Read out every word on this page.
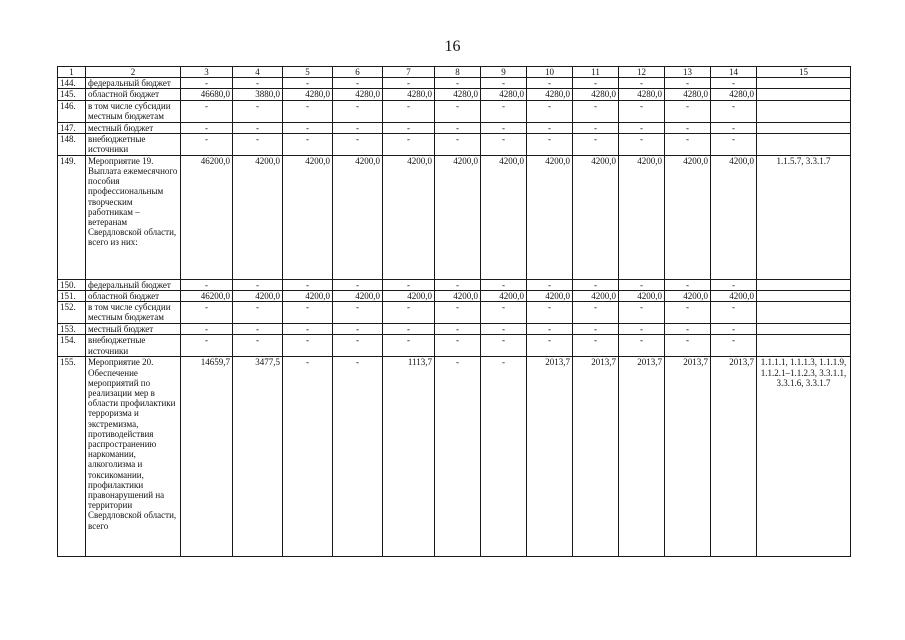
16
1	2	3	4	5	6	7	8	9	10	11	12	13	14	15
144.	федеральный бюджет	-	-	-	-	-	-	-	-	-	-	-	-	
145.	областной бюджет	46680,0	3880,0	4280,0	4280,0	4280,0	4280,0	4280,0	4280,0	4280,0	4280,0	4280,0	4280,0	
146.	в том числе субсидии местным бюджетам	-	-	-	-	-	-	-	-	-	-	-	-	
147.	местный бюджет	-	-	-	-	-	-	-	-	-	-	-	-	
148.	внебюджетные источники	-	-	-	-	-	-	-	-	-	-	-	-	
149.	Мероприятие 19. Выплата ежемесячного пособия профессиональным творческим работникам – ветеранам Свердловской области, всего из них:	46200,0	4200,0	4200,0	4200,0	4200,0	4200,0	4200,0	4200,0	4200,0	4200,0	4200,0	4200,0	1.1.5.7, 3.3.1.7
150.	федеральный бюджет	-	-	-	-	-	-	-	-	-	-	-	-	
151.	областной бюджет	46200,0	4200,0	4200,0	4200,0	4200,0	4200,0	4200,0	4200,0	4200,0	4200,0	4200,0	4200,0	
152.	в том числе субсидии местным бюджетам	-	-	-	-	-	-	-	-	-	-	-	-	
153.	местный бюджет	-	-	-	-	-	-	-	-	-	-	-	-	
154.	внебюджетные источники	-	-	-	-	-	-	-	-	-	-	-	-	
155.	Мероприятие 20. Обеспечение мероприятий по реализации мер в области профилактики терроризма и экстремизма, противодействия распространению наркомании, алкоголизма и токсикомании, профилактики правонарушений на территории Свердловской области, всего	14659,7	3477,5	-	-	1113,7	-	-	2013,7	2013,7	2013,7	2013,7	2013,7	1.1.1.1, 1.1.1.3, 1.1.1.9, 1.1.2.1–1.1.2.3, 3.3.1.1, 3.3.1.6, 3.3.1.7
